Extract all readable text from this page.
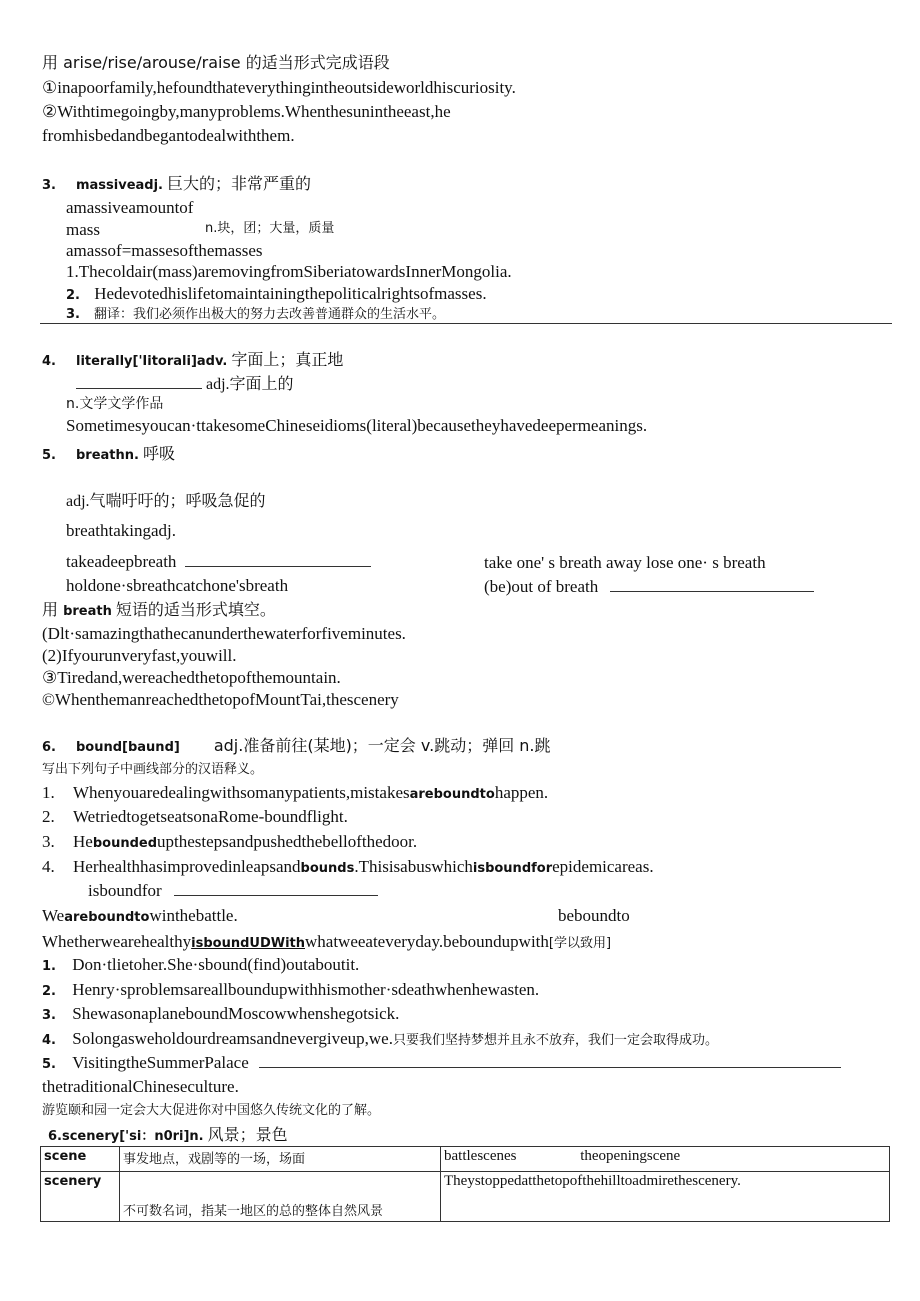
用 arise/rise/arouse/raise 的适当形式完成语段
①inapoorfamily,hefoundthateverythingintheoutsideworldhiscuriosity.
②Withtimegoingby,manyproblems.Whenthesunintheeast,he
fromhisbedandbegantodealwiththem.
3. massiveadj. 巨大的；非常严重的
amassiveamountof
mass	n.块，团；大量，质量
amassof=massesofthemasses
1.Thecoldair(mass)aremovingfromSiberiatowardsInnerMongolia.
2. Hedevotedhislifetomaintainingthepoliticalrightsofmasses.
3. 翻译：我们必须作出极大的努力去改善普通群众的生活水平。
4. literally['Iitorali]adv. 字面上；真正地
adj.字面上的
n.文学文学作品
Sometimesyoucan·ttakesomeChineseidioms(literal)becausetheyhavedeepermeanings.
5. breathn. 呼吸
adj.气喘吁吁的；呼吸急促的
breathtakingadj.
takeadeepbreath	take one' s breath away lose one· s breath
holdone·sbreathcatchone'sbreath	(be)out of breath
用 breath 短语的适当形式填空。
(Dlt·samazingthathecanunderthewaterforfiveminutes.
(2)Ifyourunveryfast,youwill.
③Tiredand,wereachedthetopofthemountain.
©WhenthemanreachedthetopofMountTai,thescenery
6. bound[baund] adj.准备前往(某地)；一定会 v.跳动；弹回 n.跳
写出下列句子中画线部分的汉语释义。
1. Whenyouaredealingwithsomanypatients,mistakesareboundtohappen.
2. WetriedtogetseatsonaRome-boundflight.
3. Heboundedupthestepsandpushedthebellofthedoor.
4. Herhealthhasimprovedinleapsandbounds.Thisisabuswhichisboundforepidemicareas.
isboundfor
Weareboundtowinthebattle.	beboundto
WhetherwearehealthyisboundUDWithwhatweeateveryday.beboundupwith[学以致用]
1. Don·tlietoher.She·sbound(find)outaboutit.
2. Henry·sproblemsareallboundupwithhismother·sdeathwhenhewasten.
3. ShewasonaplaneboundMoscowwhenshegotsick.
4. Solongasweholdourdreamsandnevergiveup,we.只要我们坚持梦想并且永不放弃，我们一定会取得成功。
5. VisitingtheSummerPalace
thetraditionalChineseculture.
游览颐和园一定会大大促进你对中国悠久传统文化的了解。
6.scenery['si：n0ri]n. 风景；景色
scene	事发地点，戏剧等的一场，场面	battlescenes theopeningscene
scenery	不可数名词，指某一地区的总的整体自然风景	Theystoppedatthetopofthehilltoadmirethescenery.
